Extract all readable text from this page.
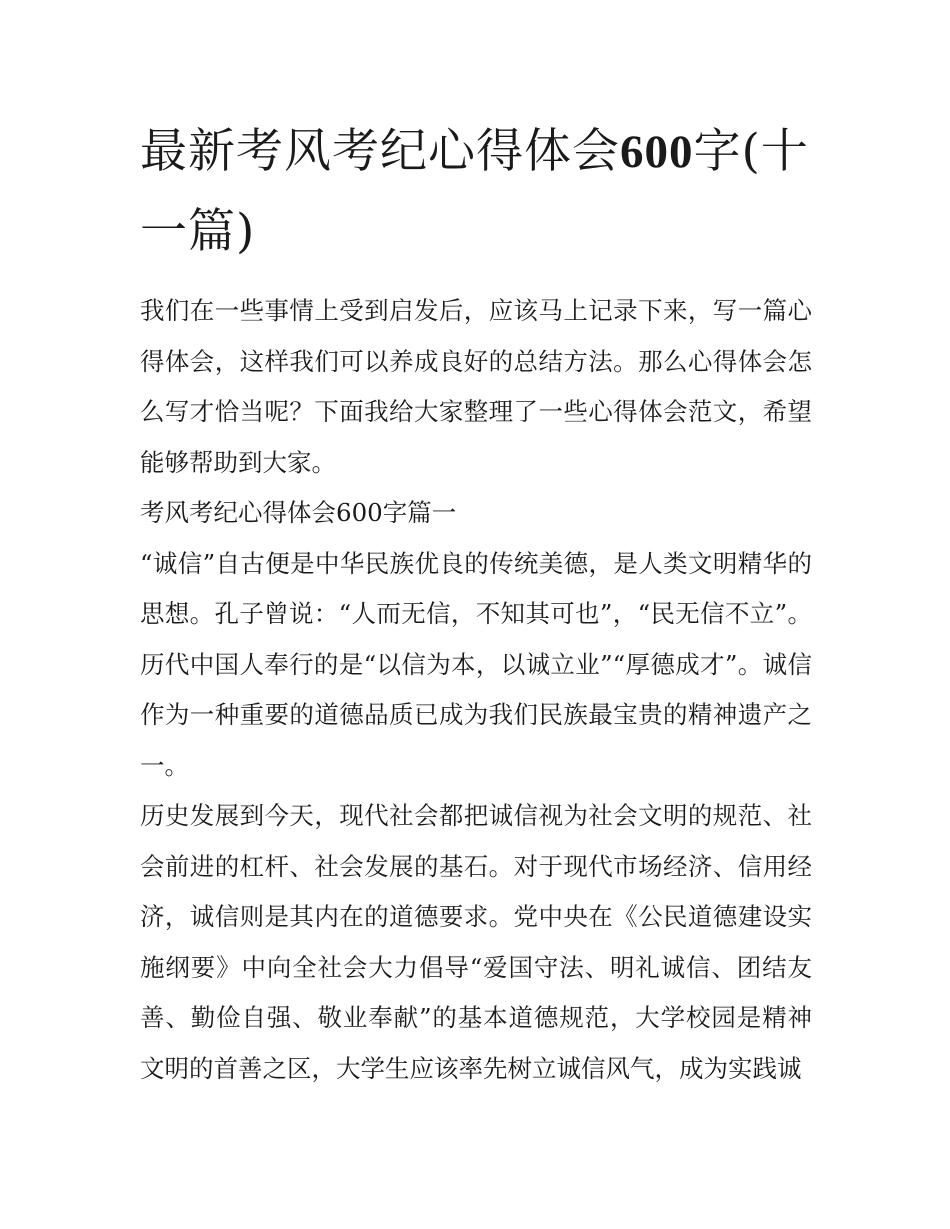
最新考风考纪心得体会600字(十一篇)

我们在一些事情上受到启发后，应该马上记录下来，写一篇心得体会，这样我们可以养成良好的总结方法。那么心得体会怎么写才恰当呢？下面我给大家整理了一些心得体会范文，希望能够帮助到大家。

考风考纪心得体会600字篇一

“诚信”自古便是中华民族优良的传统美德，是人类文明精华的思想。孔子曾说：“人而无信，不知其可也”，“民无信不立”。历代中国人奉行的是“以信为本，以诚立业”“厚德成才”。诚信作为一种重要的道德品质已成为我们民族最宝贵的精神遗产之一。

历史发展到今天，现代社会都把诚信视为社会文明的规范、社会前进的杠杆、社会发展的基石。对于现代市场经济、信用经济，诚信则是其内在的道德要求。党中央在《公民道德建设实施纲要》中向全社会大力倡导“爱国守法、明礼诚信、团结友善、勤俭自强、敬业奉献”的基本道德规范，大学校园是精神文明的首善之区，大学生应该率先树立诚信风气，成为实践诚
